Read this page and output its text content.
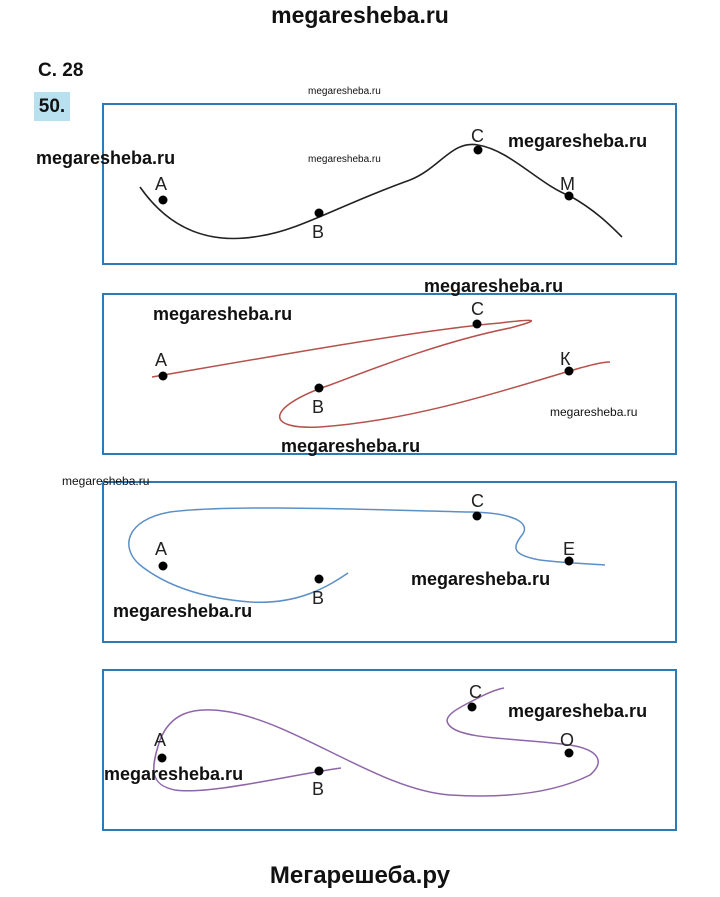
megaresheba.ru
С. 28
50.
А
В
С
М
А
В
С
К
А
В
С
Е
А
В
С
О
megaresheba.ru
megaresheba.ru	megaresheba.ru
megaresheba.ru
megaresheba.ru
megaresheba.ru
megaresheba.ru
megaresheba.ru
megaresheba.ru
megaresheba.ru
megaresheba.ru
megaresheba.ru
megaresheba.ru
Мегарешеба.ру
